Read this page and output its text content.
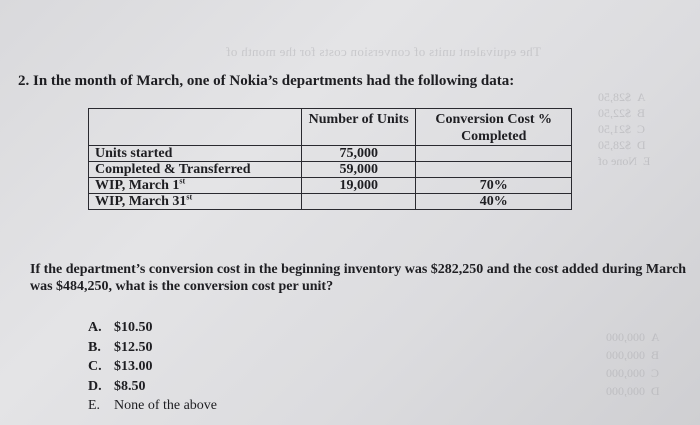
The equivalent units of conversion costs for the month of
A  $28,50
B  $22,50
C  $21,50
D  $28,50
E  None of
A  000,000
B  000,000
C  000,000
D  000,000
2. In the month of March, one of Nokia’s departments had the following data:
	Number of Units	Conversion Cost % Completed
Units started	75,000	
Completed & Transferred	59,000	
WIP, March 1st	19,000	70%
WIP, March 31st		40%
If the department’s conversion cost in the beginning inventory was $282,250 and the cost added during March was $484,250, what is the conversion cost per unit?
A. $10.50
B. $12.50
C. $13.00
D. $8.50
E. None of the above
